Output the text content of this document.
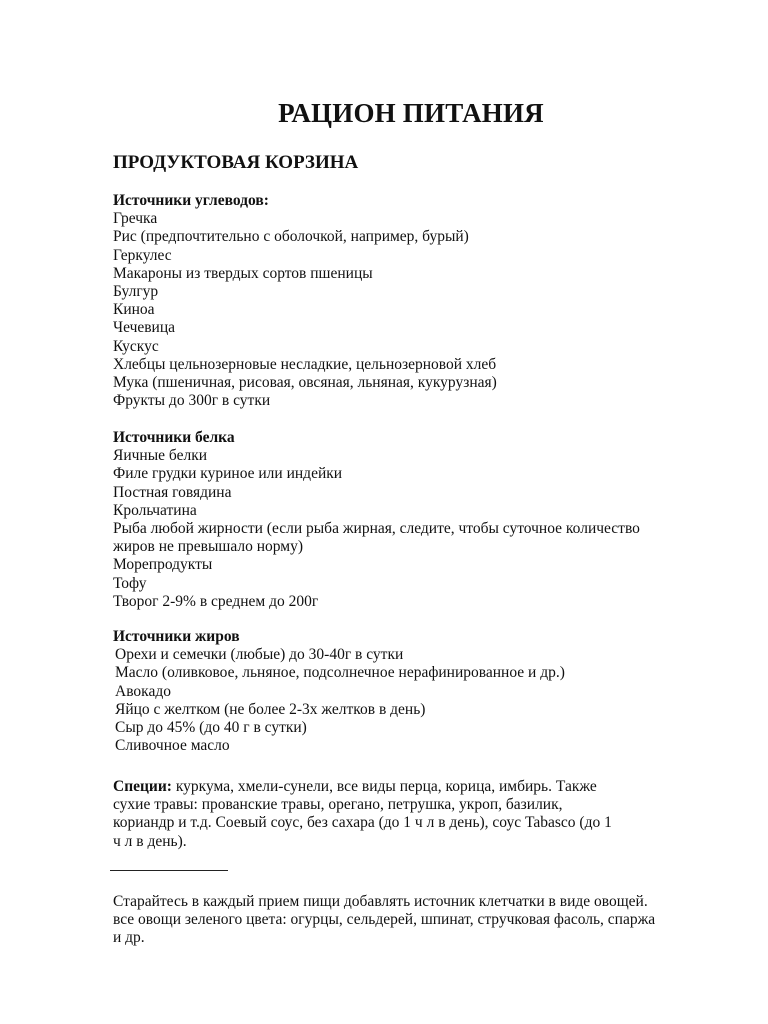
РАЦИОН ПИТАНИЯ
ПРОДУКТОВАЯ КОРЗИНА
Источники углеводов:
Гречка
Рис (предпочтительно с оболочкой, например, бурый)
Геркулес
Макароны из твердых сортов пшеницы
Булгур
Киноа
Чечевица
Кускус
Хлебцы цельнозерновые несладкие, цельнозерновой хлеб
Мука (пшеничная, рисовая, овсяная, льняная, кукурузная)
Фрукты до 300г в сутки
Источники белка
Яичные белки
Филе грудки куриное или индейки
Постная говядина
Крольчатина
Рыба любой жирности (если рыба жирная, следите, чтобы суточное количество
жиров не превышало норму)
Морепродукты
Тофу
Творог 2-9% в среднем до 200г
Источники жиров
Орехи и семечки (любые) до 30-40г в сутки
Масло (оливковое, льняное, подсолнечное нерафинированное и др.)
Авокадо
Яйцо с желтком (не более 2-3х желтков в день)
Сыр до 45% (до 40 г в сутки)
Сливочное масло
Специи: куркума, хмели-сунели, все виды перца, корица, имбирь. Также
сухие травы: прованские травы, орегано, петрушка, укроп, базилик,
кориандр и т.д. Соевый соус, без сахара (до 1 ч л в день), соус Tabasco (до 1
ч л в день).
Старайтесь в каждый прием пищи добавлять источник клетчатки в виде овощей.
все овощи зеленого цвета: огурцы, сельдерей, шпинат, стручковая фасоль, спаржа
и др.
